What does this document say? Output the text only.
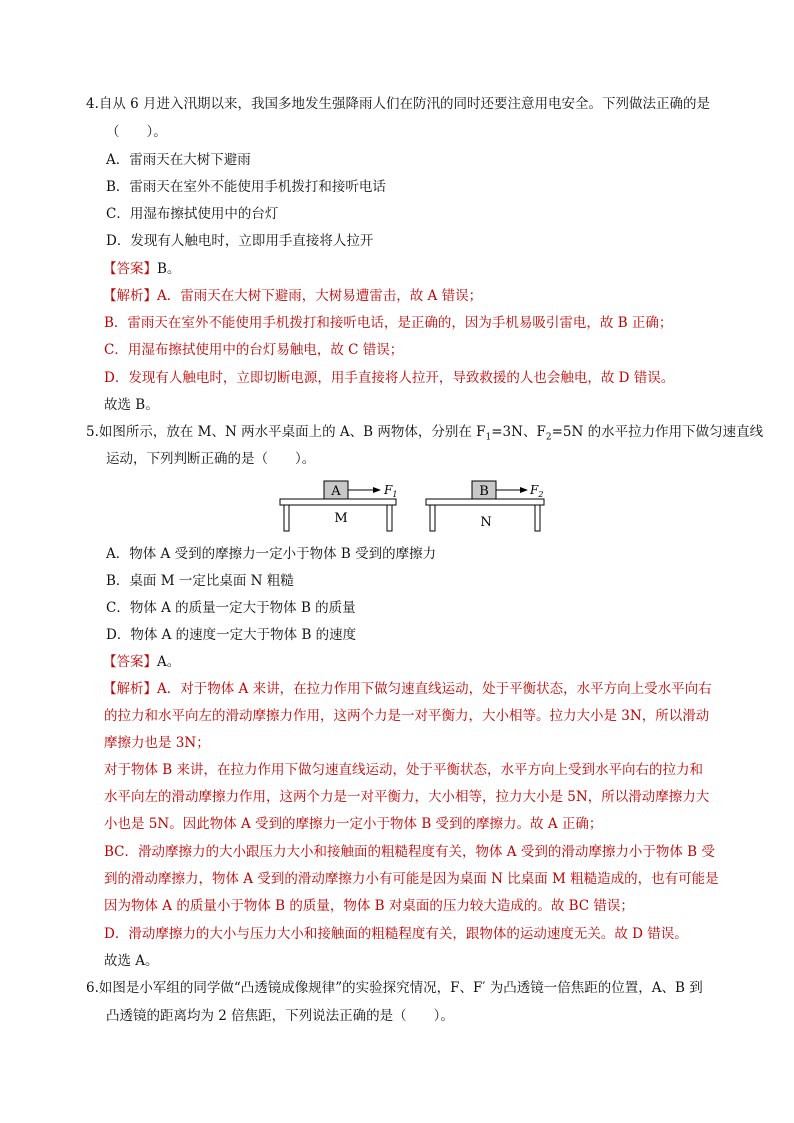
4.自从 6 月进入汛期以来，我国多地发生强降雨人们在防汛的同时还要注意用电安全。下列做法正确的是
（　　）。
A．雷雨天在大树下避雨
B．雷雨天在室外不能使用手机拨打和接听电话
C．用湿布擦拭使用中的台灯
D．发现有人触电时，立即用手直接将人拉开
【答案】B。
【解析】A．雷雨天在大树下避雨，大树易遭雷击，故 A 错误；
B．雷雨天在室外不能使用手机拨打和接听电话，是正确的，因为手机易吸引雷电，故 B 正确；
C．用湿布擦拭使用中的台灯易触电，故 C 错误；
D．发现有人触电时，立即切断电源，用手直接将人拉开，导致救援的人也会触电，故 D 错误。
故选 B。
5.如图所示，放在 M、N 两水平桌面上的 A、B 两物体，分别在 $F_1=3N$、$F_2=5N$ 的水平拉力作用下做匀速直线
运动，下列判断正确的是（　　）。
A	$F_1$
M
B	$F_2$
N
A．物体 A 受到的摩擦力一定小于物体 B 受到的摩擦力
B．桌面 M 一定比桌面 N 粗糙
C．物体 A 的质量一定大于物体 B 的质量
D．物体 A 的速度一定大于物体 B 的速度
【答案】A。
【解析】A．对于物体 A 来讲，在拉力作用下做匀速直线运动，处于平衡状态，水平方向上受水平向右
的拉力和水平向左的滑动摩擦力作用，这两个力是一对平衡力，大小相等。拉力大小是 3N，所以滑动
摩擦力也是 3N；
对于物体 B 来讲，在拉力作用下做匀速直线运动，处于平衡状态，水平方向上受到水平向右的拉力和
水平向左的滑动摩擦力作用，这两个力是一对平衡力，大小相等，拉力大小是 5N，所以滑动摩擦力大
小也是 5N。因此物体 A 受到的摩擦力一定小于物体 B 受到的摩擦力。故 A 正确；
BC．滑动摩擦力的大小跟压力大小和接触面的粗糙程度有关，物体 A 受到的滑动摩擦力小于物体 B 受
到的滑动摩擦力，物体 A 受到的滑动摩擦力小有可能是因为桌面 N 比桌面 M 粗糙造成的，也有可能是
因为物体 A 的质量小于物体 B 的质量，物体 B 对桌面的压力较大造成的。故 BC 错误；
D．滑动摩擦力的大小与压力大小和接触面的粗糙程度有关，跟物体的运动速度无关。故 D 错误。
故选 A。
6.如图是小军组的同学做“凸透镜成像规律”的实验探究情况，F、F′ 为凸透镜一倍焦距的位置，A、B 到
凸透镜的距离均为 2 倍焦距，下列说法正确的是（　　）。
